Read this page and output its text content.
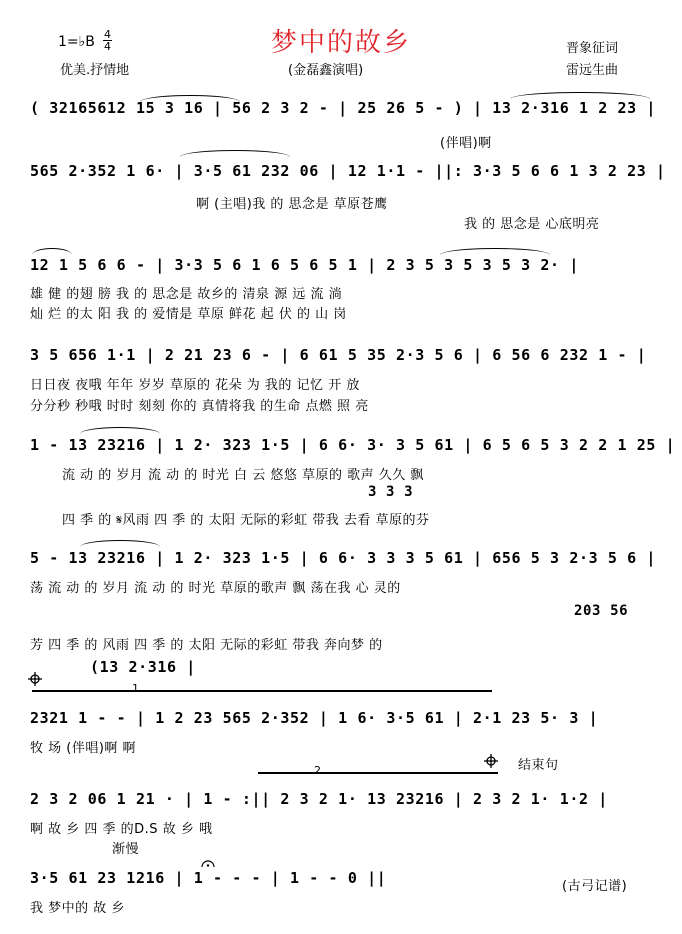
梦中的故乡
1=♭B 4
4
优美.抒情地	(金磊鑫演唱)
晋象征词
雷远生曲
( 32165612 15 3 16 | 56 2 3 2 - | 25 26 5 - ) | 13 2·316 1 2 23 |
(伴唱)啊
565 2·352 1 6· | 3·5 61 232 06 | 12 1·1 - ||: 3·3 5 6 6 1 3 2 23 |
啊 (主唱)我 的 思念是 草原苍鹰
我 的 思念是 心底明亮
12 1 5 6 6 - | 3·3 5 6 1 6 5 6 5 1 | 2 3 5 3 5 3 5 3 2· |
雄 健 的翅 膀 我 的 思念是 故乡的 清泉 源 远 流 淌
灿 烂 的太 阳 我 的 爱情是 草原 鲜花 起 伏 的 山 岗
3 5 656 1·1 | 2 21 23 6 - | 6 61 5 35 2·3 5 6 | 6 56 6 232 1 - |
日日夜 夜哦 年年 岁岁 草原的 花朵 为 我的 记忆 开 放
分分秒 秒哦 时时 刻刻 你的 真情将我 的生命 点燃 照 亮
1 - 13 23216 | 1 2· 323 1·5 | 6 6· 3· 3 5 61 | 6 5 6 5 3 2 2 1 25 |
流 动 的 岁月 流 动 的 时光 白 云 悠悠 草原的 歌声 久久 飘
3 3 3
四 季 的 𝄋风雨 四 季 的 太阳 无际的彩虹 带我 去看 草原的芬
5 - 13 23216 | 1 2· 323 1·5 | 6 6· 3 3 3 5 61 | 656 5 3 2·3 5 6 |
荡 流 动 的 岁月 流 动 的 时光 草原的歌声 飘 荡在我 心 灵的
203 56
芳 四 季 的 风雨 四 季 的 太阳 无际的彩虹 带我 奔向梦 的
(13 2·316 |
1
2321 1 - - | 1 2 23 565 2·352 | 1 6· 3·5 61 | 2·1 23 5· 3 |
牧 场 (伴唱)啊 啊
结束句
2
2 3 2 06 1 21 · | 1 - :|| 2 3 2 1· 13 23216 | 2 3 2 1· 1·2 |
啊 故 乡 四 季 的D.S 故 乡 哦
渐慢
3·5 61 23 1216 | 1 - - - | 1 - - 0 ||
我 梦中的 故 乡
(古弓记谱)
